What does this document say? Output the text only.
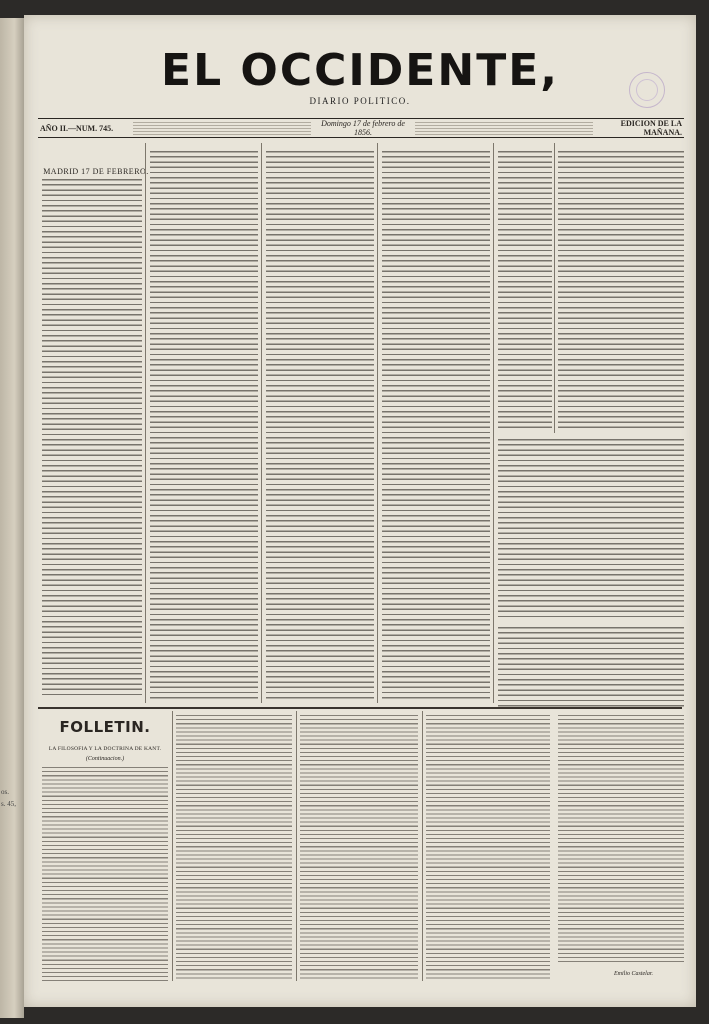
os.
s. 45,
EL OCCIDENTE,
DIARIO POLITICO.
AÑO II.—NUM. 745.	Domingo 17 de febrero de 1856.
EDICION DE LA MAÑANA.
MADRID 17 DE FEBRERO.
FOLLETIN.
LA FILOSOFIA Y LA DOCTRINA DE KANT.
(Continuacion.)
Emilio Castelar.
